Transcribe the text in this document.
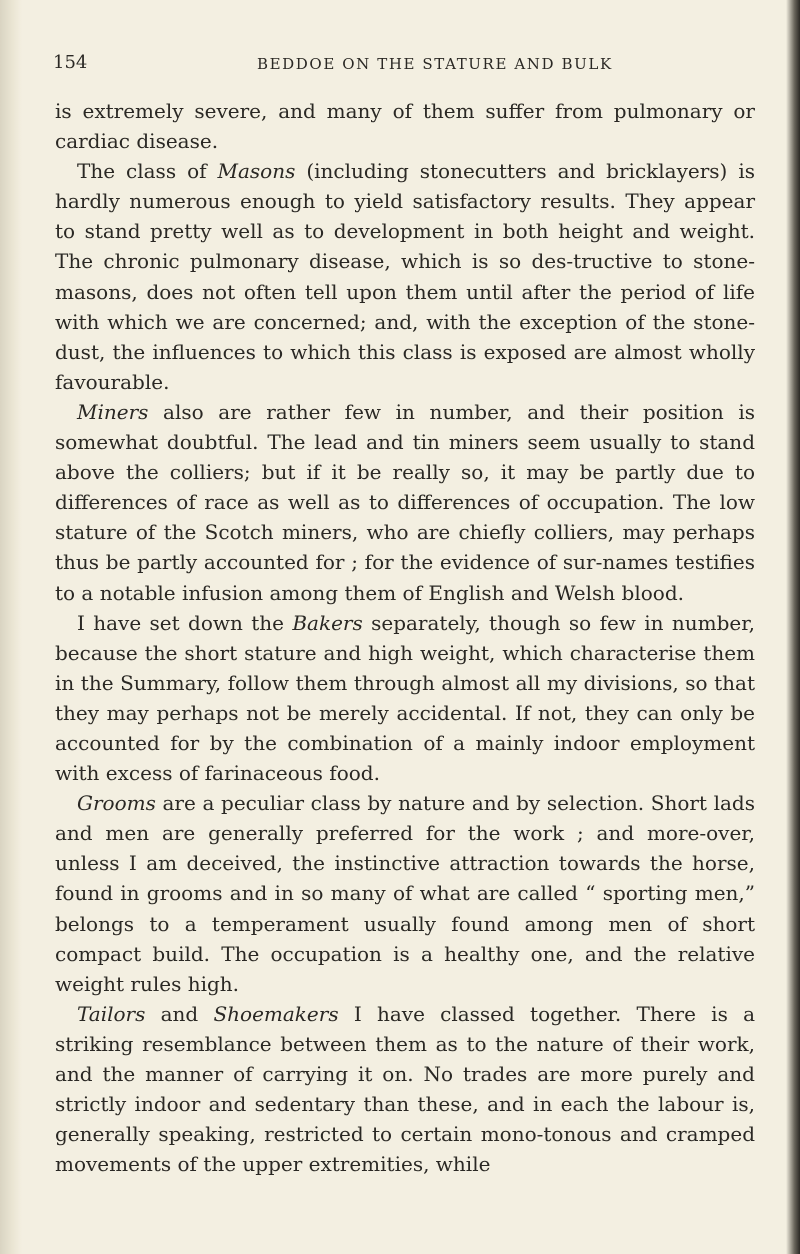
154	BEDDOE ON THE STATURE AND BULK

is extremely severe, and many of them suffer from pulmonary or cardiac disease.

The class of Masons (including stonecutters and bricklayers) is hardly numerous enough to yield satisfactory results. They appear to stand pretty well as to development in both height and weight. The chronic pulmonary disease, which is so des-tructive to stone-masons, does not often tell upon them until after the period of life with which we are concerned; and, with the exception of the stone-dust, the influences to which this class is exposed are almost wholly favourable.

Miners also are rather few in number, and their position is somewhat doubtful. The lead and tin miners seem usually to stand above the colliers; but if it be really so, it may be partly due to differences of race as well as to differences of occupation. The low stature of the Scotch miners, who are chiefly colliers, may perhaps thus be partly accounted for ; for the evidence of sur-names testifies to a notable infusion among them of English and Welsh blood.

I have set down the Bakers separately, though so few in number, because the short stature and high weight, which characterise them in the Summary, follow them through almost all my divisions, so that they may perhaps not be merely accidental. If not, they can only be accounted for by the combination of a mainly indoor employment with excess of farinaceous food.

Grooms are a peculiar class by nature and by selection. Short lads and men are generally preferred for the work ; and more-over, unless I am deceived, the instinctive attraction towards the horse, found in grooms and in so many of what are called “ sporting men,” belongs to a temperament usually found among men of short compact build. The occupation is a healthy one, and the relative weight rules high.

Tailors and Shoemakers I have classed together. There is a striking resemblance between them as to the nature of their work, and the manner of carrying it on. No trades are more purely and strictly indoor and sedentary than these, and in each the labour is, generally speaking, restricted to certain mono-tonous and cramped movements of the upper extremities, while
